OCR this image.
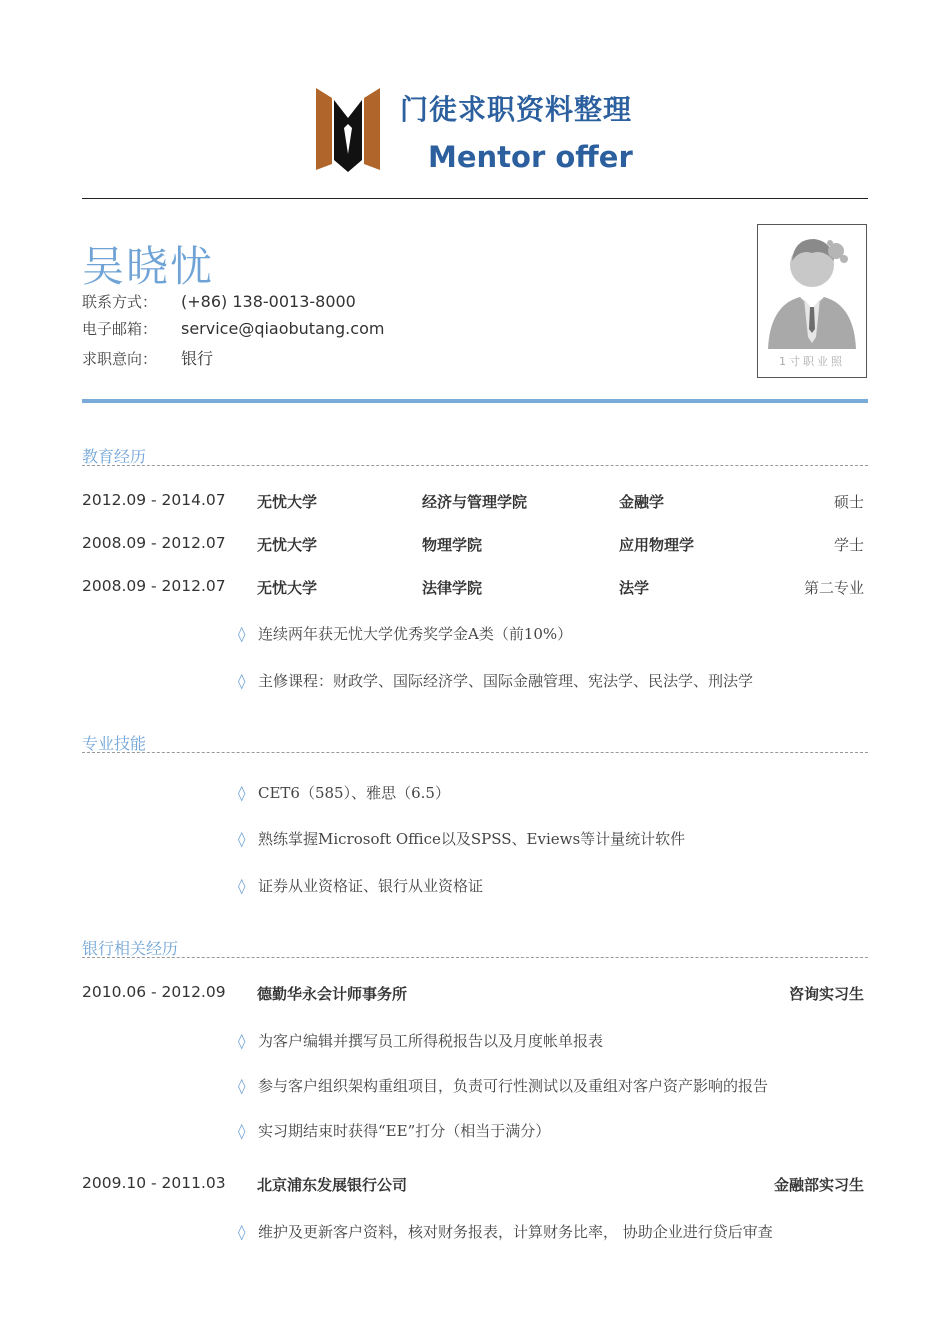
门徒求职资料整理
Mentor offer
吴晓忧
联系方式： (+86) 138-0013-8000
电子邮箱： service@qiaobutang.com
求职意向： 银行	1寸职业照
教育经历
2012.09 - 2014.07 无忧大学	经济与管理学院	金融学	硕士
2008.09 - 2012.07 无忧大学	物理学院	应用物理学	学士
2008.09 - 2012.07 无忧大学	法律学院	法学	第二专业
◊ 连续两年获无忧大学优秀奖学金A类（前10%）
◊ 主修课程：财政学、国际经济学、国际金融管理、宪法学、民法学、刑法学
专业技能
◊ CET6（585）、雅思（6.5）
◊ 熟练掌握Microsoft Office以及SPSS、Eviews等计量统计软件
◊ 证券从业资格证、银行从业资格证
银行相关经历
2010.06 - 2012.09 德勤华永会计师事务所	咨询实习生
◊ 为客户编辑并撰写员工所得税报告以及月度帐单报表
◊ 参与客户组织架构重组项目，负责可行性测试以及重组对客户资产影响的报告
◊ 实习期结束时获得“EE”打分（相当于满分）
2009.10 - 2011.03 北京浦东发展银行公司	金融部实习生
◊ 维护及更新客户资料，核对财务报表，计算财务比率， 协助企业进行贷后审查
